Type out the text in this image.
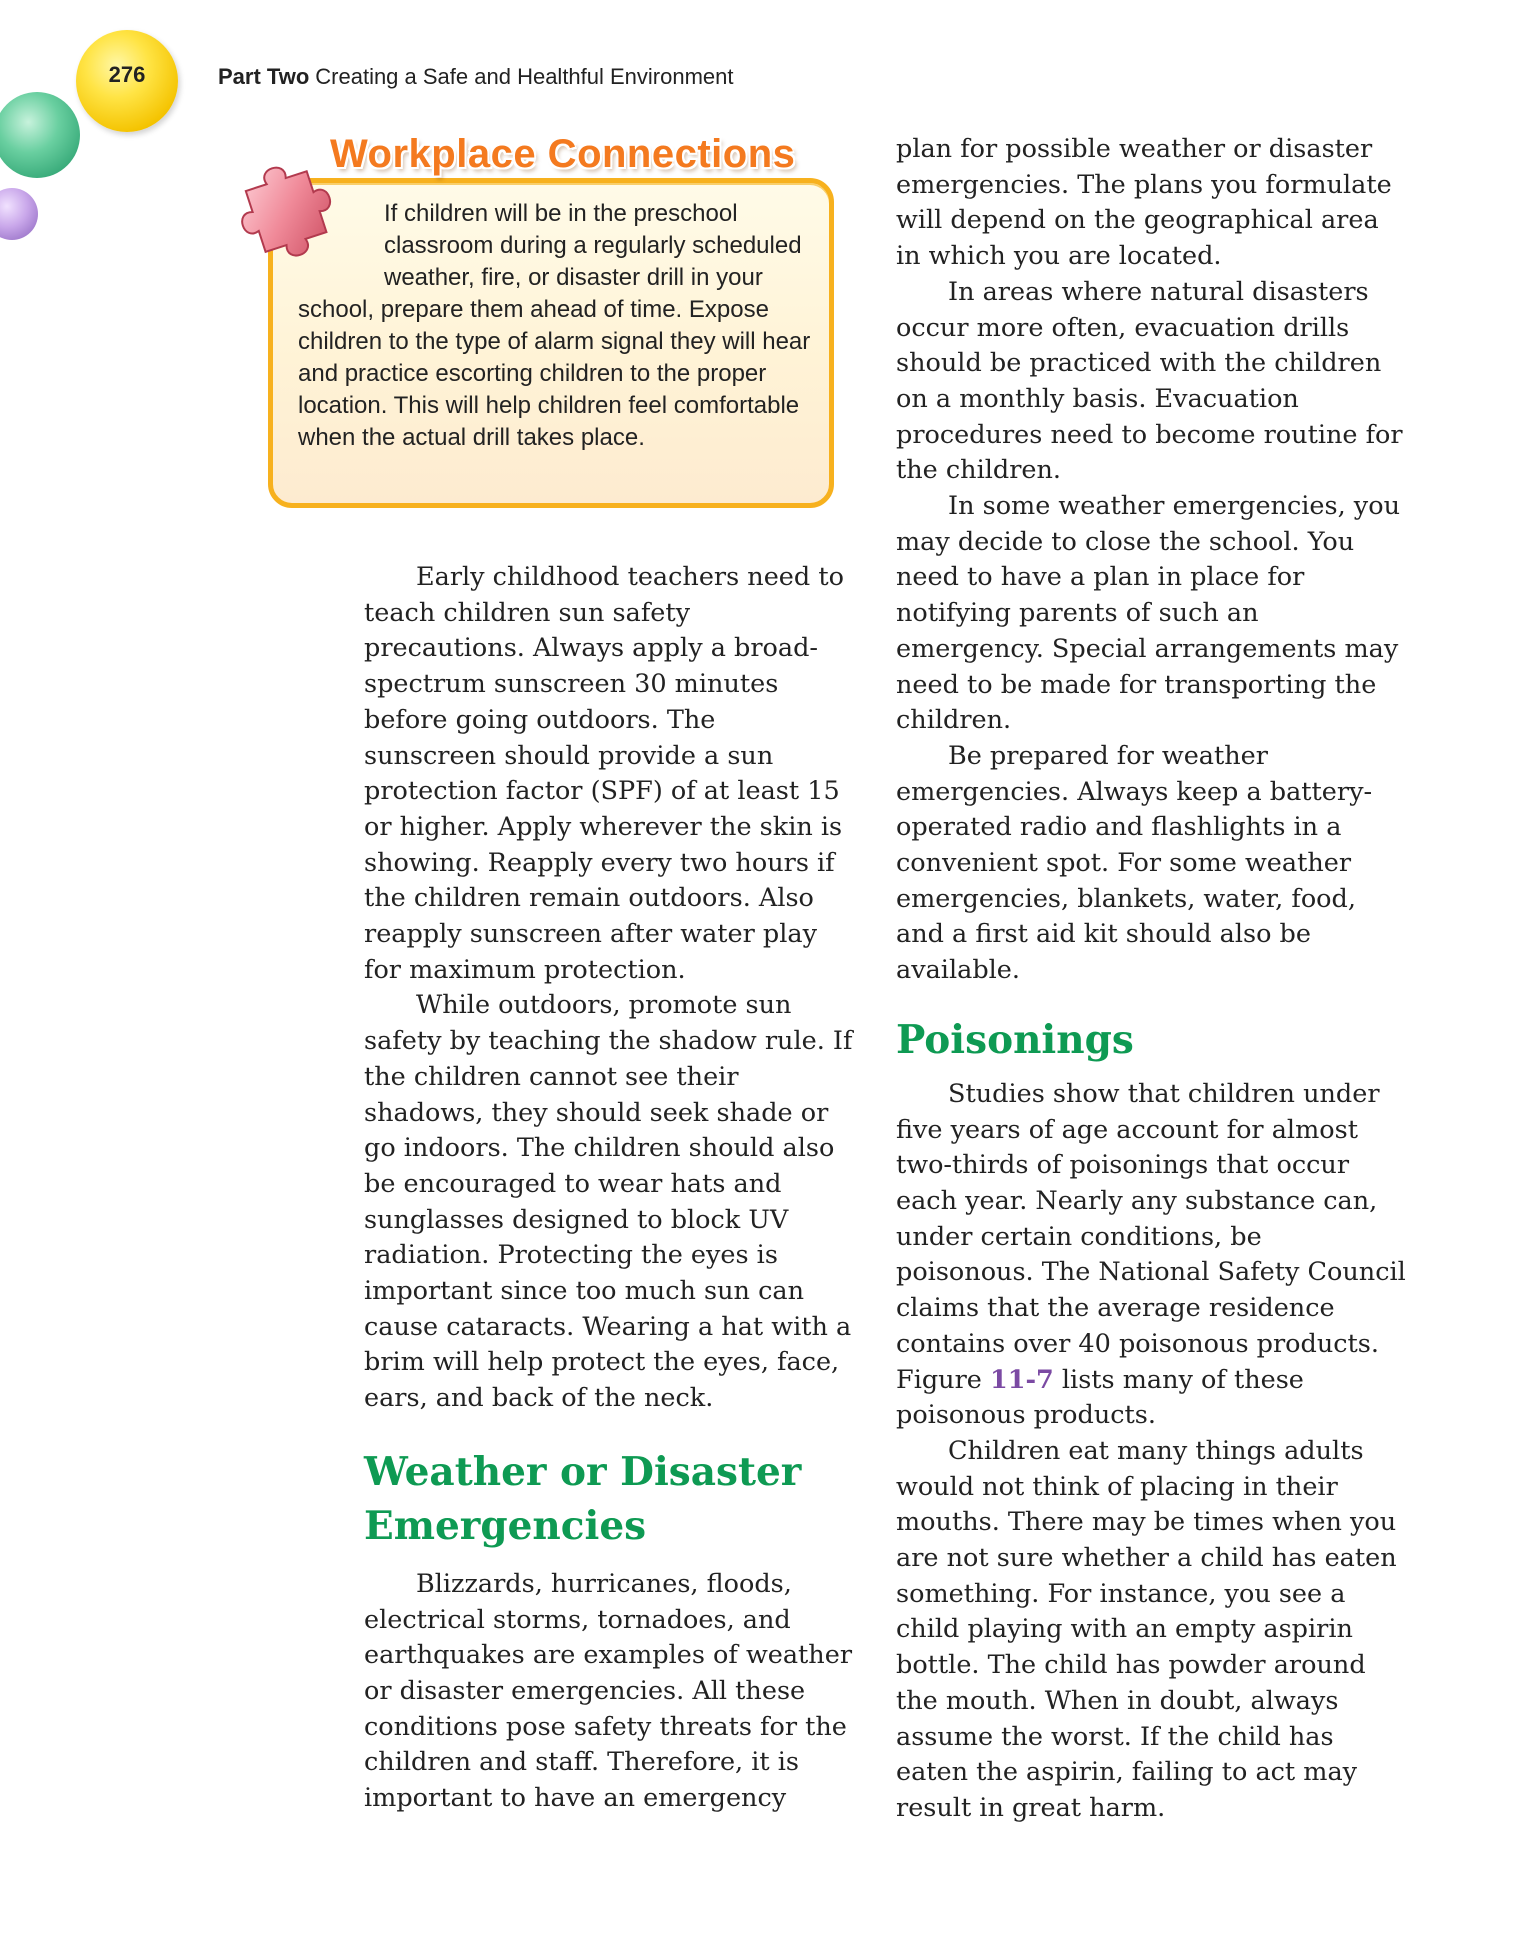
276	Part Two Creating a Safe and Healthful Environment
Workplace Connections
If children will be in the preschool classroom during a regularly scheduled weather, fire, or disaster drill in your school, prepare them ahead of time. Expose children to the type of alarm signal they will hear and practice escorting children to the proper location. This will help children feel comfortable when the actual drill takes place.

Early childhood teachers need to teach children sun safety precautions. Always apply a broad-spectrum sunscreen 30 minutes before going outdoors. The sunscreen should provide a sun protection factor (SPF) of at least 15 or higher. Apply wherever the skin is showing. Reapply every two hours if the children remain outdoors. Also reapply sunscreen after water play for maximum protection.

While outdoors, promote sun safety by teaching the shadow rule. If the children cannot see their shadows, they should seek shade or go indoors. The children should also be encouraged to wear hats and sunglasses designed to block UV radiation. Protecting the eyes is important since too much sun can cause cataracts. Wearing a hat with a brim will help protect the eyes, face, ears, and back of the neck.

Weather or Disaster Emergencies

Blizzards, hurricanes, floods, electrical storms, tornadoes, and earthquakes are examples of weather or disaster emergencies. All these conditions pose safety threats for the children and staff. Therefore, it is important to have an emergency

plan for possible weather or disaster emergencies. The plans you formulate will depend on the geographical area in which you are located.

In areas where natural disasters occur more often, evacuation drills should be practiced with the children on a monthly basis. Evacuation procedures need to become routine for the children.

In some weather emergencies, you may decide to close the school. You need to have a plan in place for notifying parents of such an emergency. Special arrangements may need to be made for transporting the children.

Be prepared for weather emergencies. Always keep a battery-operated radio and flashlights in a convenient spot. For some weather emergencies, blankets, water, food, and a first aid kit should also be available.

Poisonings

Studies show that children under five years of age account for almost two-thirds of poisonings that occur each year. Nearly any substance can, under certain conditions, be poisonous. The National Safety Council claims that the average residence contains over 40 poisonous products. Figure 11-7 lists many of these poisonous products.

Children eat many things adults would not think of placing in their mouths. There may be times when you are not sure whether a child has eaten something. For instance, you see a child playing with an empty aspirin bottle. The child has powder around the mouth. When in doubt, always assume the worst. If the child has eaten the aspirin, failing to act may result in great harm.
